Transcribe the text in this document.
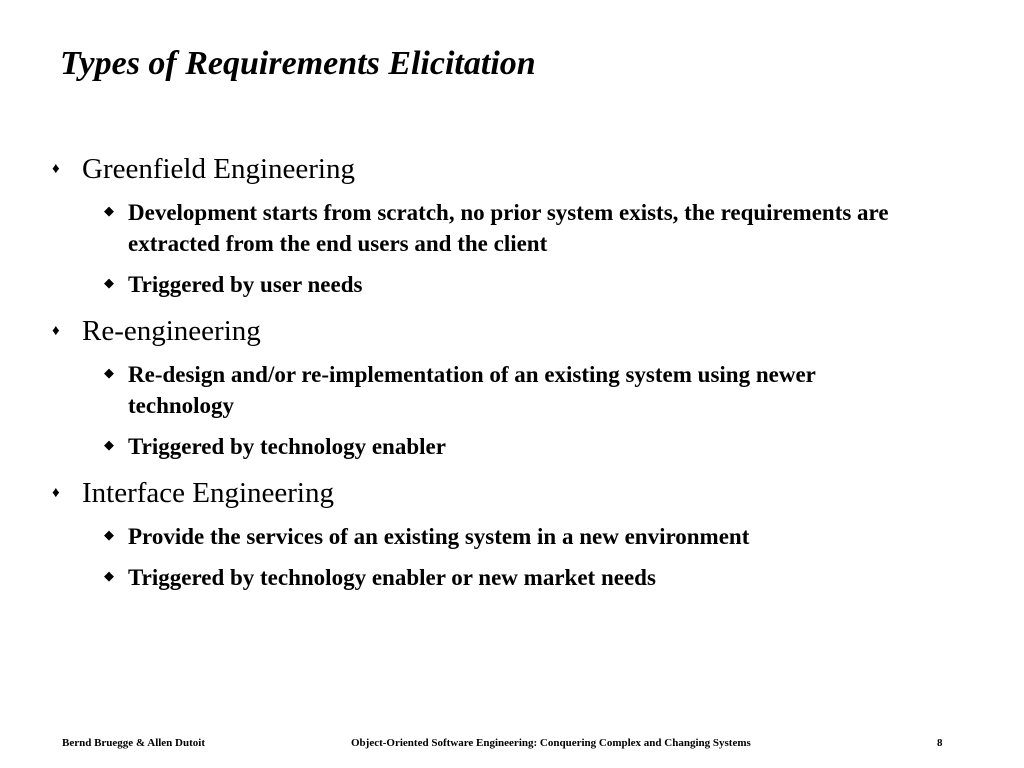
Types of Requirements Elicitation
♦ Greenfield Engineering
◆ Development starts from scratch, no prior system exists, the requirements are extracted from the end users and the client
◆ Triggered by user needs
♦ Re-engineering
◆ Re-design and/or re-implementation of an existing system using newer technology
◆ Triggered by technology enabler
♦ Interface Engineering
◆ Provide the services of an existing system in a new environment
◆ Triggered by technology enabler or new market needs
Bernd Bruegge & Allen Dutoit	Object-Oriented Software Engineering: Conquering Complex and Changing Systems	8
